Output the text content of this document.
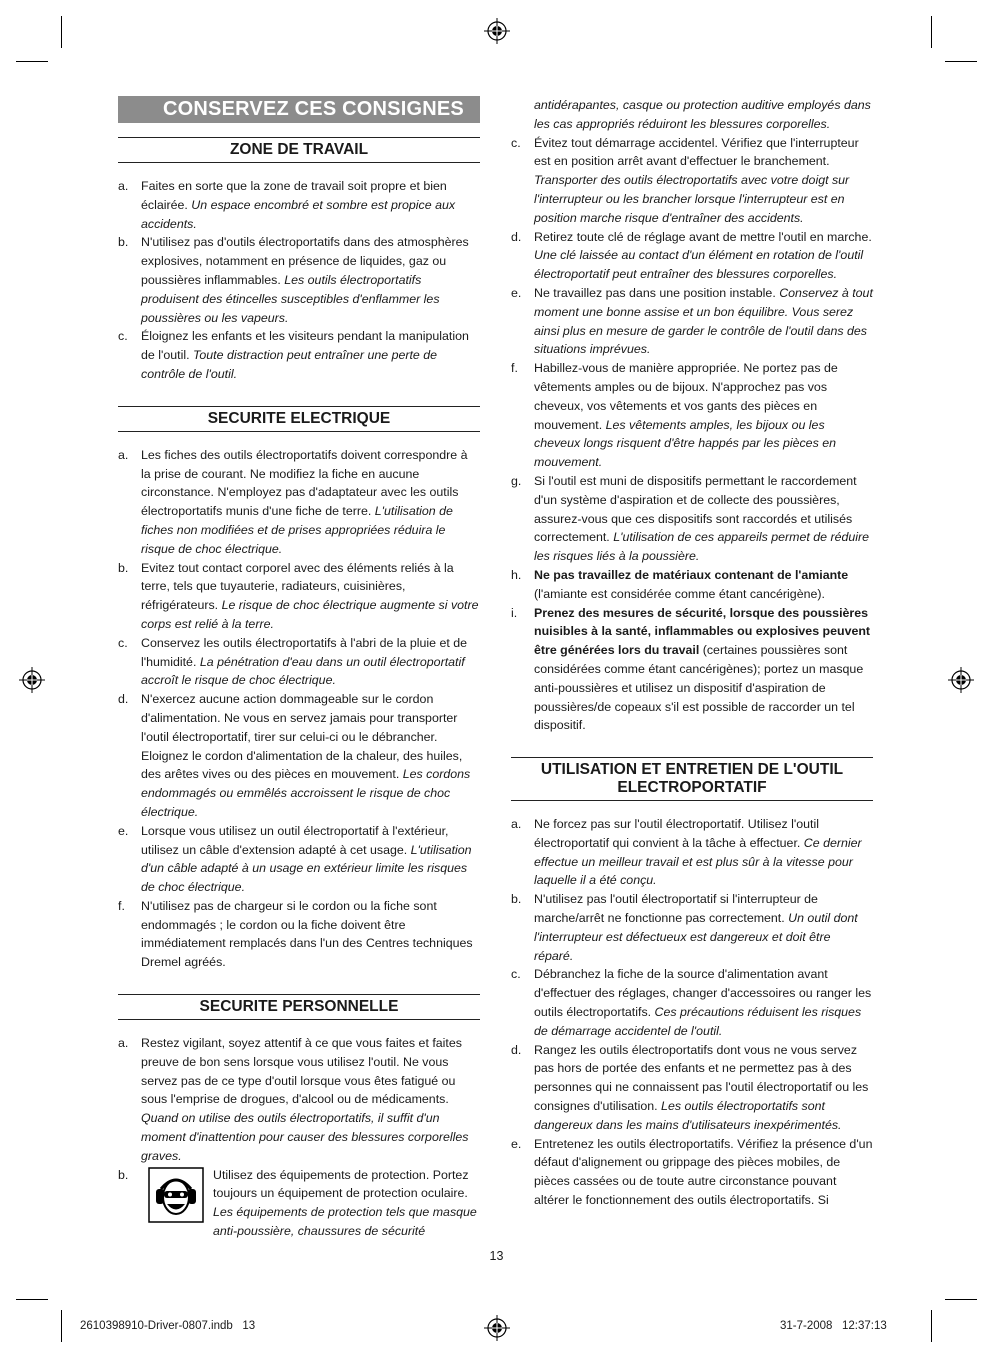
CONSERVEZ CES CONSIGNES
ZONE DE TRAVAIL
a.	Faites en sorte que la zone de travail soit propre et bien éclairée. Un espace encombré et sombre est propice aux accidents.
b.	N'utilisez pas d'outils électroportatifs dans des atmosphères explosives, notamment en présence de liquides, gaz ou poussières inflammables. Les outils électroportatifs produisent des étincelles susceptibles d'enflammer les poussières ou les vapeurs.
c.	Éloignez les enfants et les visiteurs pendant la manipulation de l'outil. Toute distraction peut entraîner une perte de contrôle de l'outil.
SECURITE ELECTRIQUE
a.	Les fiches des outils électroportatifs doivent correspondre à la prise de courant. Ne modifiez la fiche en aucune circonstance. N'employez pas d'adaptateur avec les outils électroportatifs munis d'une fiche de terre. L'utilisation de fiches non modifiées et de prises appropriées réduira le risque de choc électrique.
b.	Evitez tout contact corporel avec des éléments reliés à la terre, tels que tuyauterie, radiateurs, cuisinières, réfrigérateurs. Le risque de choc électrique augmente si votre corps est relié à la terre.
c.	Conservez les outils électroportatifs à l'abri de la pluie et de l'humidité. La pénétration d'eau dans un outil électroportatif accroît le risque de choc électrique.
d.	N'exercez aucune action dommageable sur le cordon d'alimentation. Ne vous en servez jamais pour transporter l'outil électroportatif, tirer sur celui-ci ou le débrancher. Eloignez le cordon d'alimentation de la chaleur, des huiles, des arêtes vives ou des pièces en mouvement. Les cordons endommagés ou emmêlés accroissent le risque de choc électrique.
e.	Lorsque vous utilisez un outil électroportatif à l'extérieur, utilisez un câble d'extension adapté à cet usage. L'utilisation d'un câble adapté à un usage en extérieur limite les risques de choc électrique.
f.	N'utilisez pas de chargeur si le cordon ou la fiche sont endommagés ; le cordon ou la fiche doivent être immédiatement remplacés dans l'un des Centres techniques Dremel agréés.
SECURITE PERSONNELLE
a.	Restez vigilant, soyez attentif à ce que vous faites et faites preuve de bon sens lorsque vous utilisez l'outil. Ne vous servez pas de ce type d'outil lorsque vous êtes fatigué ou sous l'emprise de drogues, d'alcool ou de médicaments. Quand on utilise des outils électroportatifs, il suffit d'un moment d'inattention pour causer des blessures corporelles graves.
b.	Utilisez des équipements de protection. Portez toujours un équipement de protection oculaire. Les équipements de protection tels que masque anti-poussière, chaussures de sécurité
antidérapantes, casque ou protection auditive employés dans les cas appropriés réduiront les blessures corporelles.
c.	Évitez tout démarrage accidentel. Vérifiez que l'interrupteur est en position arrêt avant d'effectuer le branchement. Transporter des outils électroportatifs avec votre doigt sur l'interrupteur ou les brancher lorsque l'interrupteur est en position marche risque d'entraîner des accidents.
d.	Retirez toute clé de réglage avant de mettre l'outil en marche. Une clé laissée au contact d'un élément en rotation de l'outil électroportatif peut entraîner des blessures corporelles.
e.	Ne travaillez pas dans une position instable. Conservez à tout moment une bonne assise et un bon équilibre. Vous serez ainsi plus en mesure de garder le contrôle de l'outil dans des situations imprévues.
f.	Habillez-vous de manière appropriée. Ne portez pas de vêtements amples ou de bijoux. N'approchez pas vos cheveux, vos vêtements et vos gants des pièces en mouvement. Les vêtements amples, les bijoux ou les cheveux longs risquent d'être happés par les pièces en mouvement.
g.	Si l'outil est muni de dispositifs permettant le raccordement d'un système d'aspiration et de collecte des poussières, assurez-vous que ces dispositifs sont raccordés et utilisés correctement. L'utilisation de ces appareils permet de réduire les risques liés à la poussière.
h.	Ne pas travaillez de matériaux contenant de l'amiante (l'amiante est considérée comme étant cancérigène).
i.	Prenez des mesures de sécurité, lorsque des poussières nuisibles à la santé, inflammables ou explosives peuvent être générées lors du travail (certaines poussières sont considérées comme étant cancérigènes); portez un masque anti-poussières et utilisez un dispositif d'aspiration de poussières/de copeaux s'il est possible de raccorder un tel dispositif.
UTILISATION ET ENTRETIEN DE L'OUTIL ELECTROPORTATIF
a.	Ne forcez pas sur l'outil électroportatif. Utilisez l'outil électroportatif qui convient à la tâche à effectuer. Ce dernier effectue un meilleur travail et est plus sûr à la vitesse pour laquelle il a été conçu.
b.	N'utilisez pas l'outil électroportatif si l'interrupteur de marche/arrêt ne fonctionne pas correctement. Un outil dont l'interrupteur est défectueux est dangereux et doit être réparé.
c.	Débranchez la fiche de la source d'alimentation avant d'effectuer des réglages, changer d'accessoires ou ranger les outils électroportatifs. Ces précautions réduisent les risques de démarrage accidentel de l'outil.
d.	Rangez les outils électroportatifs dont vous ne vous servez pas hors de portée des enfants et ne permettez pas à des personnes qui ne connaissent pas l'outil électroportatif ou les consignes d'utilisation. Les outils électroportatifs sont dangereux dans les mains d'utilisateurs inexpérimentés.
e.	Entretenez les outils électroportatifs. Vérifiez la présence d'un défaut d'alignement ou grippage des pièces mobiles, de pièces cassées ou de toute autre circonstance pouvant altérer le fonctionnement des outils électroportatifs. Si
13
2610398910-Driver-0807.indb   13	31-7-2008   12:37:13
